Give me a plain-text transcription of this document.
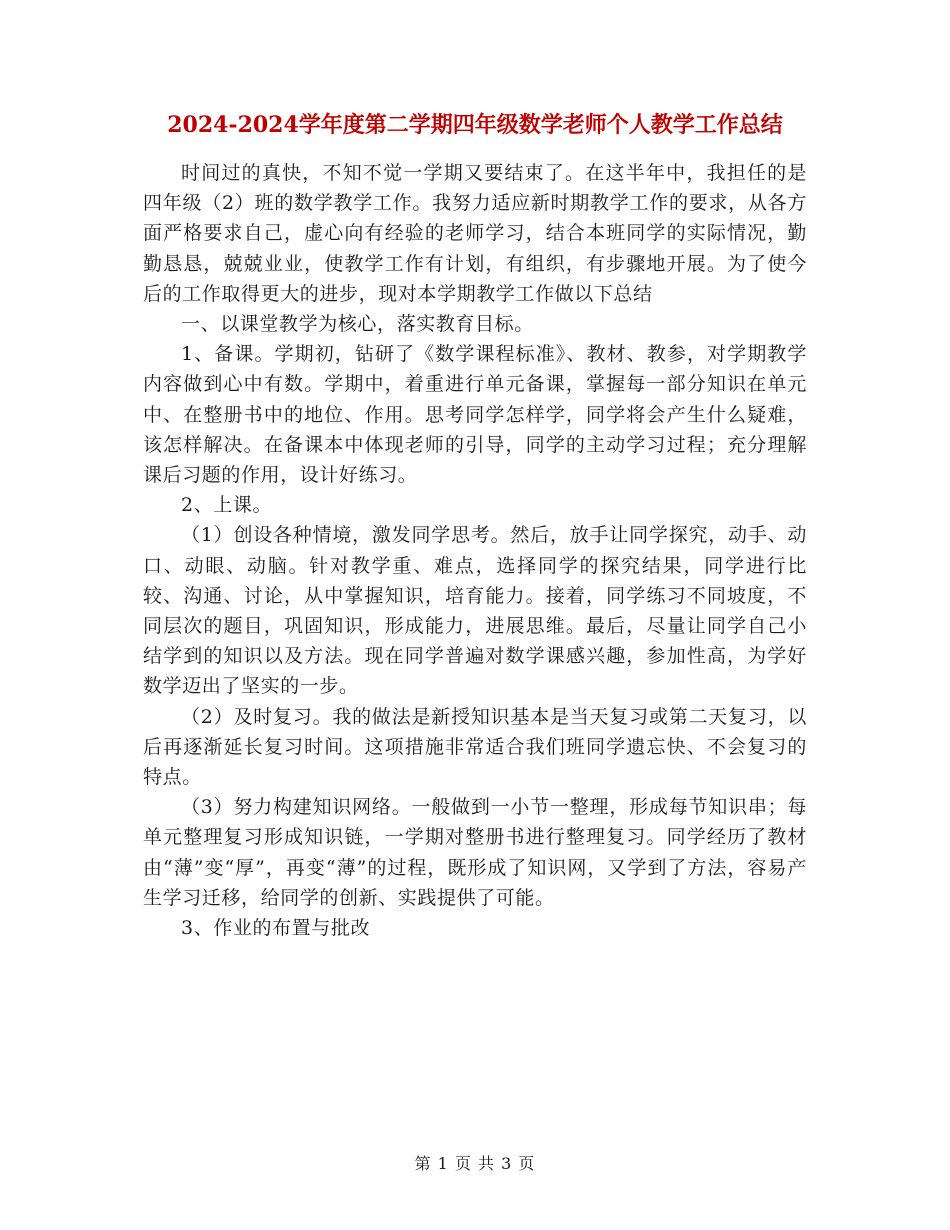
2024-2024学年度第二学期四年级数学老师个人教学工作总结

时间过的真快，不知不觉一学期又要结束了。在这半年中，我担任的是四年级（2）班的数学教学工作。我努力适应新时期教学工作的要求，从各方面严格要求自己，虚心向有经验的老师学习，结合本班同学的实际情况，勤勤恳恳，兢兢业业，使教学工作有计划，有组织，有步骤地开展。为了使今后的工作取得更大的进步，现对本学期教学工作做以下总结

一、以课堂教学为核心，落实教育目标。

1、备课。学期初，钻研了《数学课程标准》、教材、教参，对学期教学内容做到心中有数。学期中，着重进行单元备课，掌握每一部分知识在单元中、在整册书中的地位、作用。思考同学怎样学，同学将会产生什么疑难，该怎样解决。在备课本中体现老师的引导，同学的主动学习过程；充分理解课后习题的作用，设计好练习。

2、上课。

（1）创设各种情境，激发同学思考。然后，放手让同学探究，动手、动口、动眼、动脑。针对教学重、难点，选择同学的探究结果，同学进行比较、沟通、讨论，从中掌握知识，培育能力。接着，同学练习不同坡度，不同层次的题目，巩固知识，形成能力，进展思维。最后，尽量让同学自己小结学到的知识以及方法。现在同学普遍对数学课感兴趣，参加性高，为学好数学迈出了坚实的一步。

（2）及时复习。我的做法是新授知识基本是当天复习或第二天复习，以后再逐渐延长复习时间。这项措施非常适合我们班同学遗忘快、不会复习的特点。

（3）努力构建知识网络。一般做到一小节一整理，形成每节知识串；每单元整理复习形成知识链，一学期对整册书进行整理复习。同学经历了教材由“薄”变“厚”，再变“薄”的过程，既形成了知识网，又学到了方法，容易产生学习迁移，给同学的创新、实践提供了可能。

3、作业的布置与批改

第 1 页 共 3 页
